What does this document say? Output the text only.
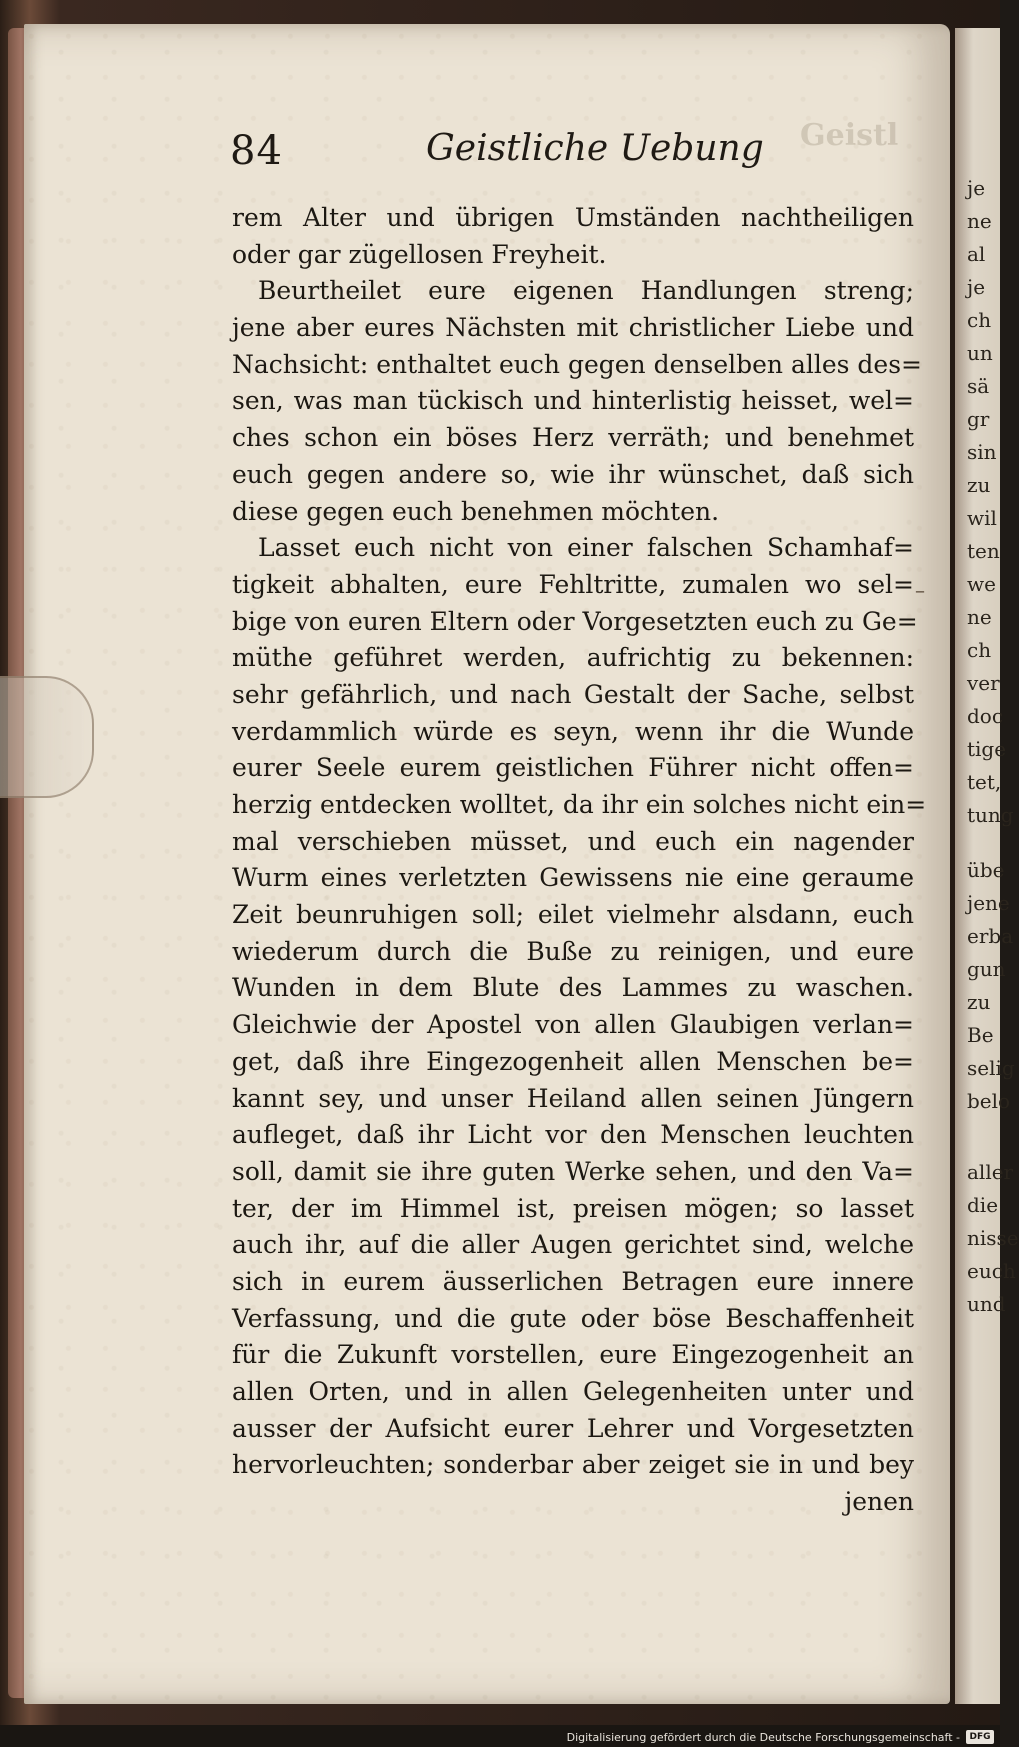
je
ne
al
je
ch
un
sä
gr
sin
zu
wil
ten
we
ne
ch
ver
doc
tige
tet,
tung
übe
jene
erba
gun
zu
Be
selig
belo
aller
die
nisse
euch
und
Geistl
84	Geistliche Uebung
rem Alter und übrigen Umständen nachtheiligen
oder gar zügellosen Freyheit.
Beurtheilet eure eigenen Handlungen streng;
jene aber eures Nächsten mit christlicher Liebe und
Nachsicht: enthaltet euch gegen denselben alles des=
sen, was man tückisch und hinterlistig heisset, wel=
ches schon ein böses Herz verräth; und benehmet
euch gegen andere so, wie ihr wünschet, daß sich
diese gegen euch benehmen möchten.
Lasset euch nicht von einer falschen Schamhaf=
tigkeit abhalten, eure Fehltritte, zumalen wo sel=
bige von euren Eltern oder Vorgesetzten euch zu Ge=
müthe geführet werden, aufrichtig zu bekennen:
sehr gefährlich, und nach Gestalt der Sache, selbst
verdammlich würde es seyn, wenn ihr die Wunde
eurer Seele eurem geistlichen Führer nicht offen=
herzig entdecken wolltet, da ihr ein solches nicht ein=
mal verschieben müsset, und euch ein nagender
Wurm eines verletzten Gewissens nie eine geraume
Zeit beunruhigen soll; eilet vielmehr alsdann, euch
wiederum durch die Buße zu reinigen, und eure
Wunden in dem Blute des Lammes zu waschen.
Gleichwie der Apostel von allen Glaubigen verlan=
get, daß ihre Eingezogenheit allen Menschen be=
kannt sey, und unser Heiland allen seinen Jüngern
aufleget, daß ihr Licht vor den Menschen leuchten
soll, damit sie ihre guten Werke sehen, und den Va=
ter, der im Himmel ist, preisen mögen; so lasset
auch ihr, auf die aller Augen gerichtet sind, welche
sich in eurem äusserlichen Betragen eure innere
Verfassung, und die gute oder böse Beschaffenheit
für die Zukunft vorstellen, eure Eingezogenheit an
allen Orten, und in allen Gelegenheiten unter und
ausser der Aufsicht eurer Lehrer und Vorgesetzten
hervorleuchten; sonderbar aber zeiget sie in und bey
jenen
–
Digitalisierung gefördert durch die Deutsche Forschungsgemeinschaft -	DFG
